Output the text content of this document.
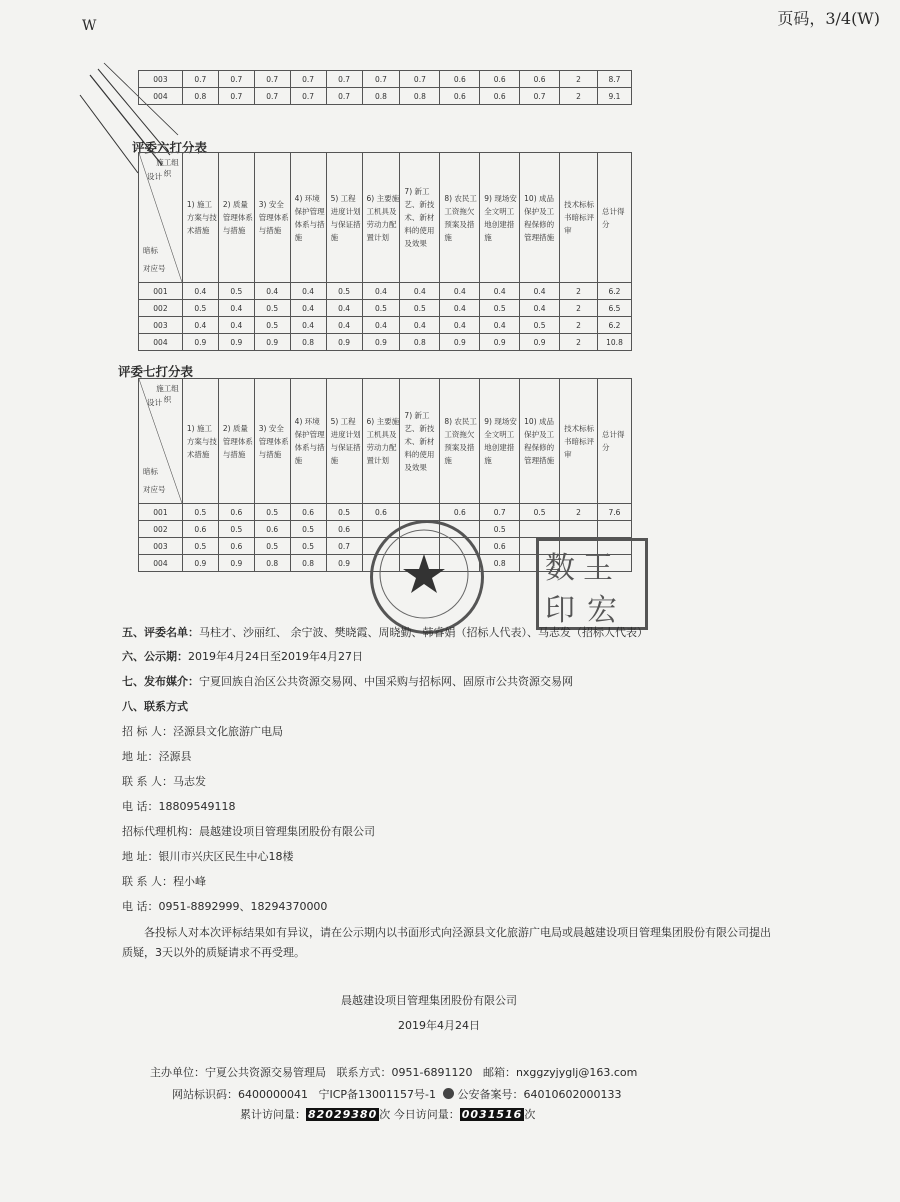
W	页码，3/4(W)
003	0.7	0.7	0.7	0.7	0.7	0.7	0.7	0.6	0.6	0.6	2	8.7
004	0.8	0.7	0.7	0.7	0.7	0.8	0.8	0.6	0.6	0.7	2	9.1
评委六打分表
施工组织
设计
暗标
对应号	1) 施工方案与技术措施	2) 质量管理体系与措施	3) 安全管理体系与措施	4) 环境保护管理体系与措施	5) 工程进度计划与保证措施	6) 主要施工机具及劳动力配置计划	7) 新工艺、新技术、新材料的使用及效果	8) 农民工工资拖欠预案及措施	9) 现场安全文明工地创建措施	10) 成品保护及工程保修的管理措施	技术标标书暗标评审	总计得分
001	0.4	0.5	0.4	0.4	0.5	0.4	0.4	0.4	0.4	0.4	2	6.2
002	0.5	0.4	0.5	0.4	0.4	0.5	0.5	0.4	0.5	0.4	2	6.5
003	0.4	0.4	0.5	0.4	0.4	0.4	0.4	0.4	0.4	0.5	2	6.2
004	0.9	0.9	0.9	0.8	0.9	0.9	0.8	0.9	0.9	0.9	2	10.8
评委七打分表
施工组织
设计
暗标
对应号	1) 施工方案与技术措施	2) 质量管理体系与措施	3) 安全管理体系与措施	4) 环境保护管理体系与措施	5) 工程进度计划与保证措施	6) 主要施工机具及劳动力配置计划	7) 新工艺、新技术、新材料的使用及效果	8) 农民工工资拖欠预案及措施	9) 现场安全文明工地创建措施	10) 成品保护及工程保修的管理措施	技术标标书暗标评审	总计得分
001	0.5	0.6	0.5	0.6	0.5	0.6		0.6	0.7	0.5	2	7.6
002	0.6	0.5	0.6	0.5	0.6				0.5			
003	0.5	0.6	0.5	0.5	0.7				0.6			
004	0.9	0.9	0.8	0.8	0.9				0.8				王
宏
印
数
五、评委名单：马柱才、沙丽红、 余宁波、樊晓霞、周晓勤、韩睿娟（招标人代表）、马志发（招标人代表）
六、公示期：2019年4月24日至2019年4月27日
七、发布媒介：宁夏回族自治区公共资源交易网、中国采购与招标网、固原市公共资源交易网
八、联系方式
招 标 人：泾源县文化旅游广电局
地 址：泾源县
联 系 人：马志发
电 话：18809549118
招标代理机构：晨越建设项目管理集团股份有限公司
地 址：银川市兴庆区民生中心18楼
联 系 人：程小峰
电 话：0951-8892999、18294370000
各投标人对本次评标结果如有异议，请在公示期内以书面形式向泾源县文化旅游广电局或晨越建设项目管理集团股份有限公司提出质疑，3天以外的质疑请求不再受理。
晨越建设项目管理集团股份有限公司
2019年4月24日
主办单位：宁夏公共资源交易管理局 联系方式：0951-6891120 邮箱：nxggzyjyglj@163.com
网站标识码：6400000041 宁ICP备13001157号-1 公安备案号：64010602000133
累计访问量： 82029380 次 今日访问量： 0031516 次
